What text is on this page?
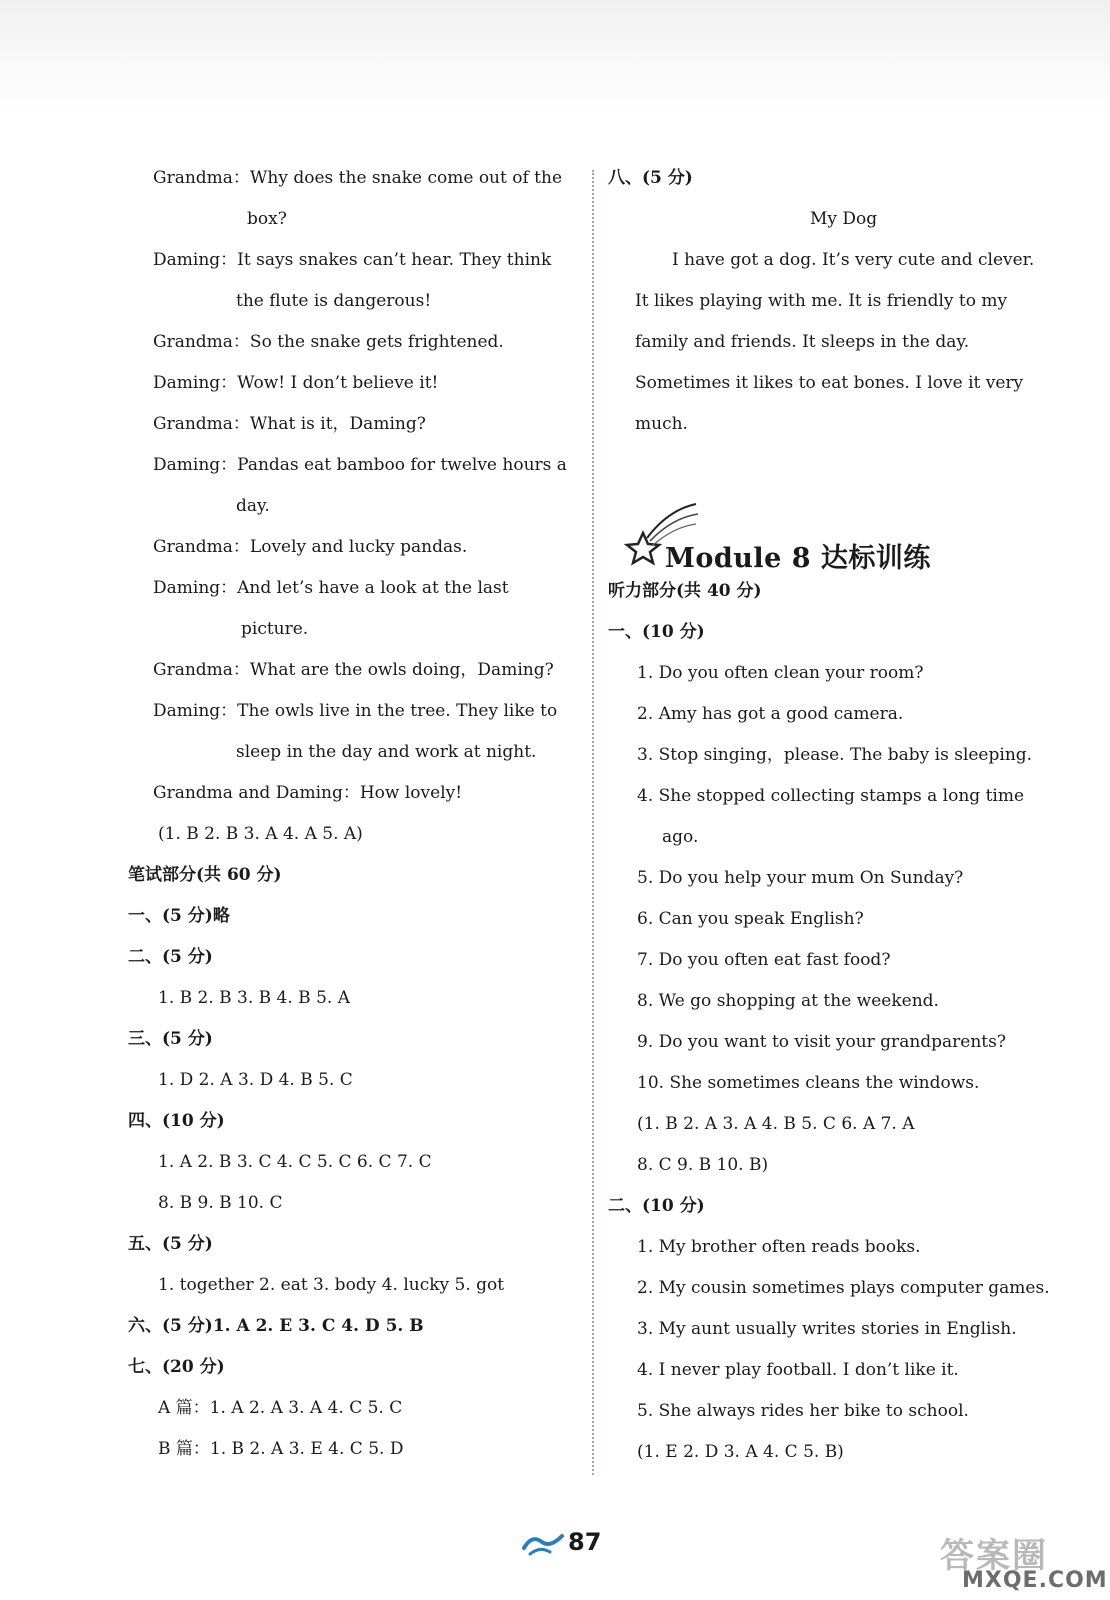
Grandma：Why does the snake come out of the
box?
Daming：It says snakes can’t hear. They think
the flute is dangerous!
Grandma：So the snake gets frightened.
Daming：Wow! I don’t believe it!
Grandma：What is it，Daming?
Daming：Pandas eat bamboo for twelve hours a
day.
Grandma：Lovely and lucky pandas.
Daming：And let’s have a look at the last
picture.
Grandma：What are the owls doing，Daming?
Daming：The owls live in the tree. They like to
sleep in the day and work at night.
Grandma and Daming：How lovely!
(1. B 2. B 3. A 4. A 5. A)
笔试部分(共 60 分)
一、(5 分)略
二、(5 分)
1. B 2. B 3. B 4. B 5. A
三、(5 分)
1. D 2. A 3. D 4. B 5. C
四、(10 分)
1. A 2. B 3. C 4. C 5. C 6. C 7. C
8. B 9. B 10. C
五、(5 分)
1. together 2. eat 3. body 4. lucky 5. got
六、(5 分)1. A 2. E 3. C 4. D 5. B
七、(20 分)
A 篇：1. A 2. A 3. A 4. C 5. C
B 篇：1. B 2. A 3. E 4. C 5. D
八、(5 分)
My Dog
I have got a dog. It’s very cute and clever.
It likes playing with me. It is friendly to my
family and friends. It sleeps in the day.
Sometimes it likes to eat bones. I love it very
much.
Module 8 达标训练
听力部分(共 40 分)
一、(10 分)
1. Do you often clean your room?
2. Amy has got a good camera.
3. Stop singing，please. The baby is sleeping.
4. She stopped collecting stamps a long time
ago.
5. Do you help your mum On Sunday?
6. Can you speak English?
7. Do you often eat fast food?
8. We go shopping at the weekend.
9. Do you want to visit your grandparents?
10. She sometimes cleans the windows.
(1. B 2. A 3. A 4. B 5. C 6. A 7. A
8. C 9. B 10. B)
二、(10 分)
1. My brother often reads books.
2. My cousin sometimes plays computer games.
3. My aunt usually writes stories in English.
4. I never play football. I don’t like it.
5. She always rides her bike to school.
(1. E 2. D 3. A 4. C 5. B)
87	答案圈
MXQE.COM
